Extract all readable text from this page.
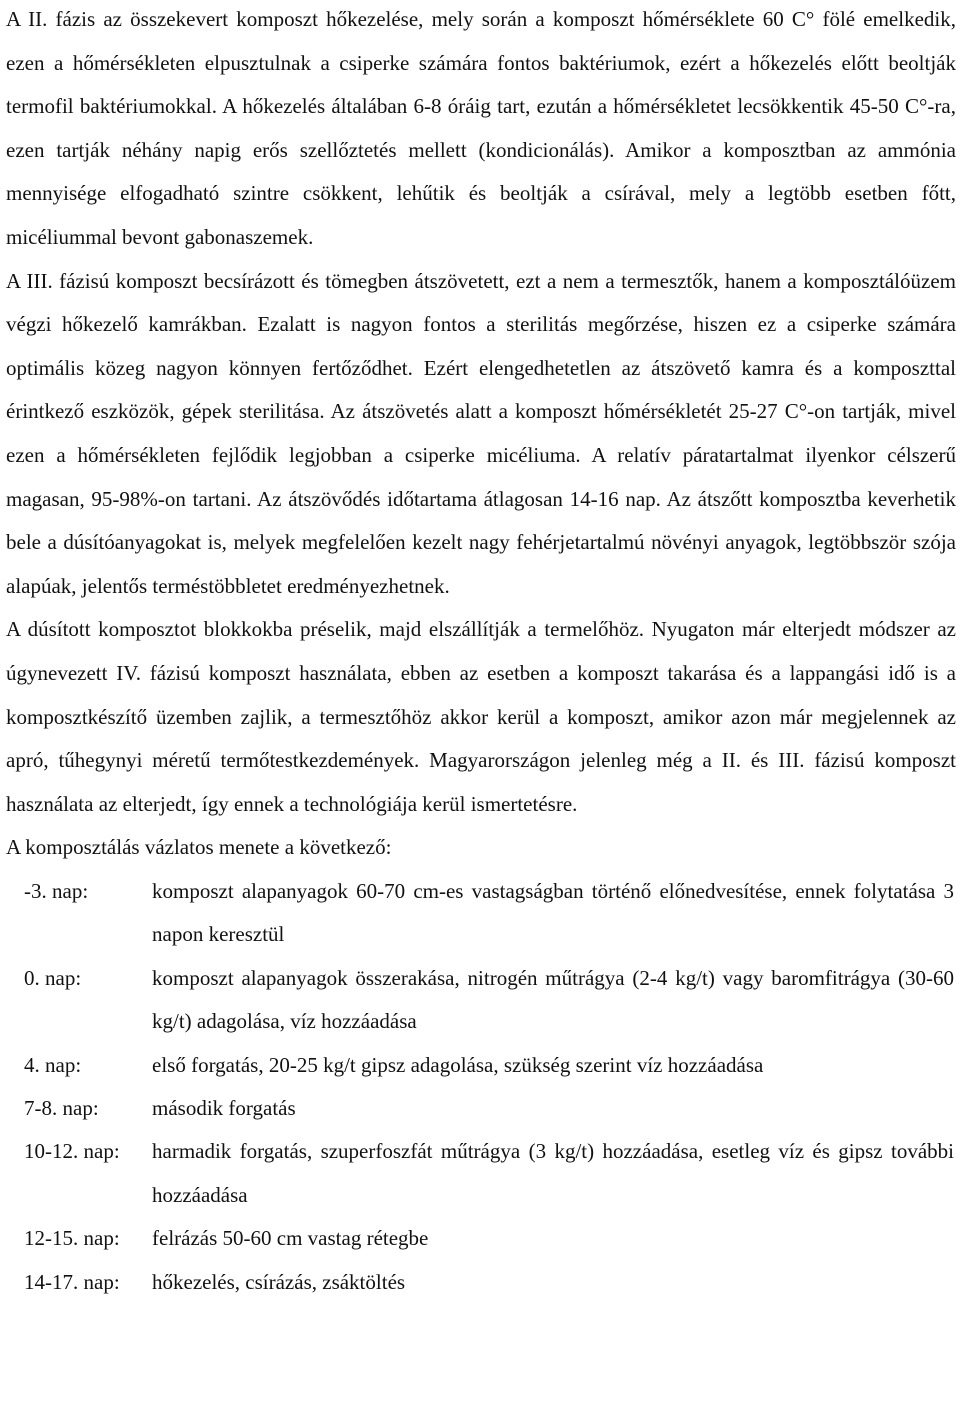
A II. fázis az összekevert komposzt hőkezelése, mely során a komposzt hőmérséklete 60 C° fölé emelkedik, ezen a hőmérsékleten elpusztulnak a csiperke számára fontos baktériumok, ezért a hőkezelés előtt beoltják termofil baktériumokkal. A hőkezelés általában 6-8 óráig tart, ezután a hőmérsékletet lecsökkentik 45-50 C°-ra, ezen tartják néhány napig erős szellőztetés mellett (kondicionálás). Amikor a komposztban az ammónia mennyisége elfogadható szintre csökkent, lehűtik és beoltják a csírával, mely a legtöbb esetben főtt, micéliummal bevont gabonaszemek.

A III. fázisú komposzt becsírázott és tömegben átszövetett, ezt a nem a termesztők, hanem a komposztálóüzem végzi hőkezelő kamrákban. Ezalatt is nagyon fontos a sterilitás megőrzése, hiszen ez a csiperke számára optimális közeg nagyon könnyen fertőződhet. Ezért elengedhetetlen az átszövető kamra és a komposzttal érintkező eszközök, gépek sterilitása. Az átszövetés alatt a komposzt hőmérsékletét 25-27 C°-on tartják, mivel ezen a hőmérsékleten fejlődik legjobban a csiperke micéliuma. A relatív páratartalmat ilyenkor célszerű magasan, 95-98%-on tartani. Az átszövődés időtartama átlagosan 14-16 nap. Az átszőtt komposztba keverhetik bele a dúsítóanyagokat is, melyek megfelelően kezelt nagy fehérjetartalmú növényi anyagok, legtöbbször szója alapúak, jelentős terméstöbbletet eredményezhetnek.

A dúsított komposztot blokkokba préselik, majd elszállítják a termelőhöz. Nyugaton már elterjedt módszer az úgynevezett IV. fázisú komposzt használata, ebben az esetben a komposzt takarása és a lappangási idő is a komposztkészítő üzemben zajlik, a termesztőhöz akkor kerül a komposzt, amikor azon már megjelennek az apró, tűhegynyi méretű termőtestkezdemények. Magyarországon jelenleg még a II. és III. fázisú komposzt használata az elterjedt, így ennek a technológiája kerül ismertetésre.

A komposztálás vázlatos menete a következő:

-3. nap:	komposzt alapanyagok 60-70 cm-es vastagságban történő előnedvesítése, ennek folytatása 3 napon keresztül
0. nap:	komposzt alapanyagok összerakása, nitrogén műtrágya (2-4 kg/t) vagy baromfitrágya (30-60 kg/t) adagolása, víz hozzáadása
4. nap:	első forgatás, 20-25 kg/t gipsz adagolása, szükség szerint víz hozzáadása
7-8. nap:	második forgatás
10-12. nap:	harmadik forgatás, szuperfoszfát műtrágya (3 kg/t) hozzáadása, esetleg víz és gipsz további hozzáadása
12-15. nap:	felrázás 50-60 cm vastag rétegbe
14-17. nap:	hőkezelés, csírázás, zsáktöltés
